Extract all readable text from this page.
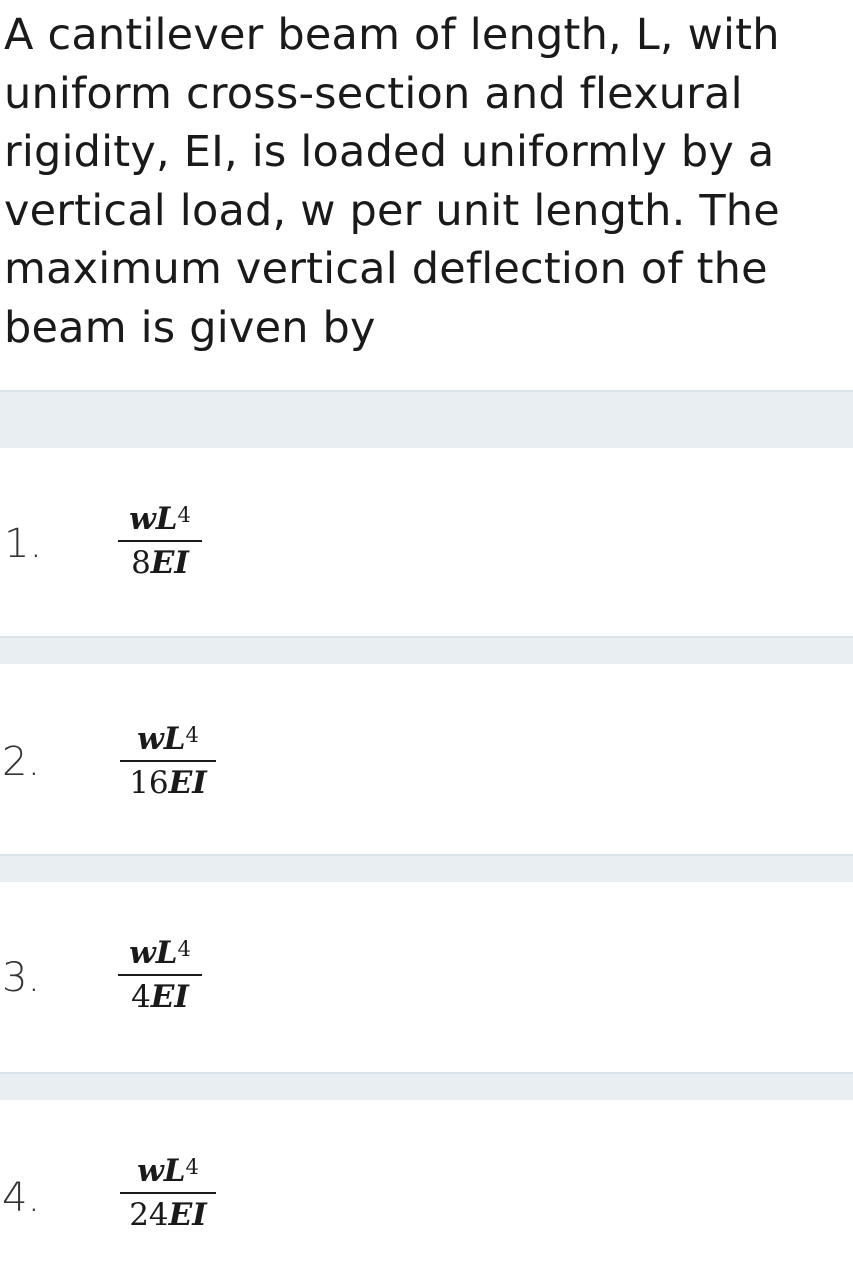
A cantilever beam of length, L, with
uniform cross-section and flexural
rigidity, EI, is loaded uniformly by a
vertical load, w per unit length. The
maximum vertical deflection of the
beam is given by
1.
$wL^4$
8EI
2.	$wL^4$
16EI
3.
$wL^4$
4EI
4.
$wL^4$
24EI
